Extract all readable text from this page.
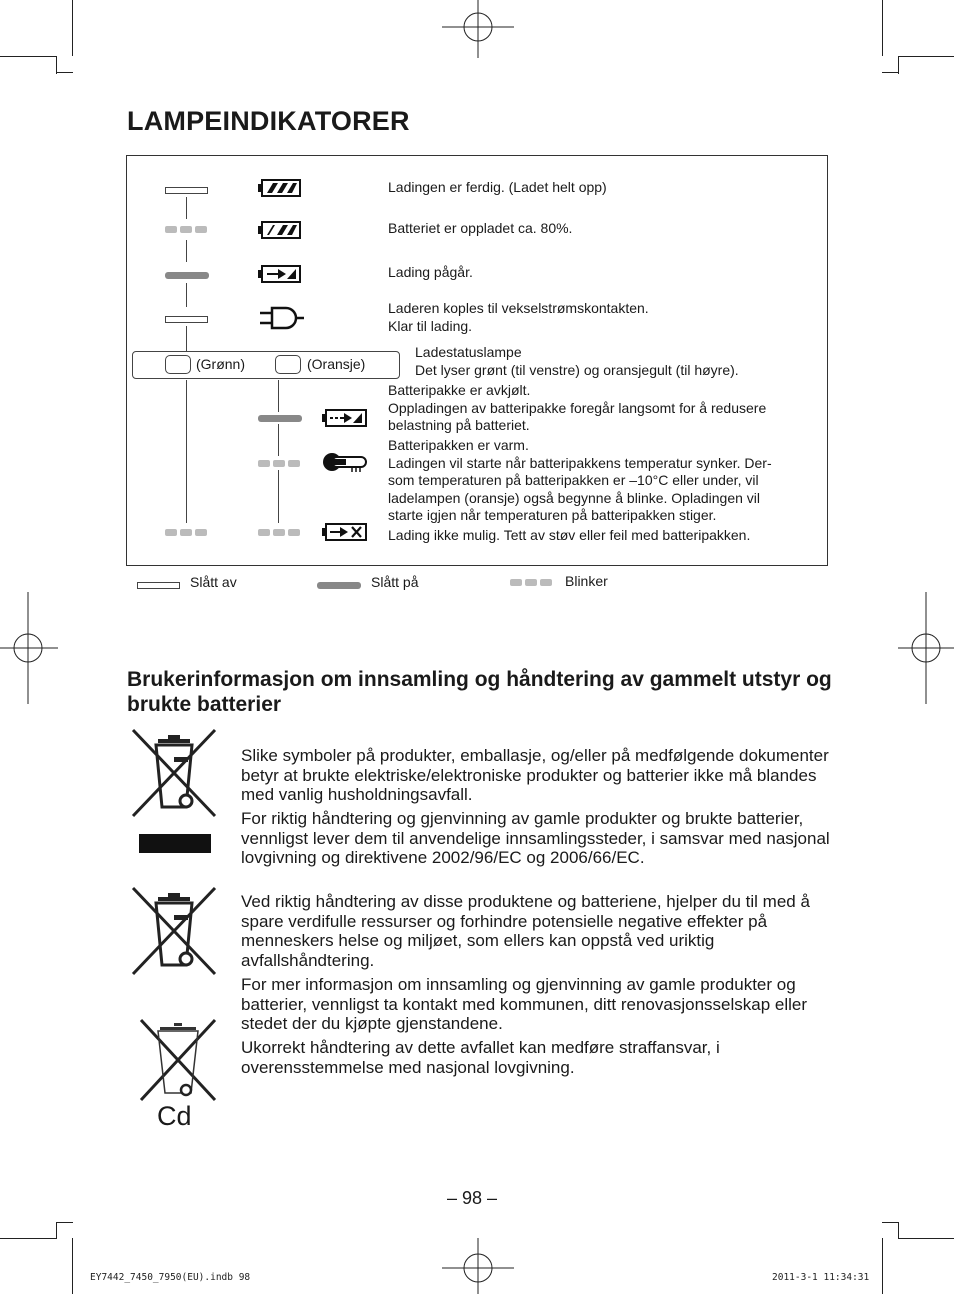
LAMPEINDIKATORER
Ladingen er ferdig. (Ladet helt opp)
Batteriet er oppladet ca. 80%.
Lading pågår.
Laderen koples til vekselstrømskontakten.
Klar til lading.
(Grønn)	(Oransje)
Ladestatuslampe
Det lyser grønt (til venstre) og oransjegult (til høyre).
Batteripakke er avkjølt.
Oppladingen av batteripakke foregår langsomt for å redusere
belastning på batteriet.
Batteripakken er varm.
Ladingen vil starte når batteripakkens temperatur synker. Der-
som temperaturen på batteripakken er –10°C eller under, vil
ladelampen (oransje) også begynne å blinke. Opladingen vil
starte igjen når temperaturen på batteripakken stiger.
Lading ikke mulig. Tett av støv eller feil med batteripakken.
Slått av	Slått på	Blinker
Brukerinformasjon om innsamling og håndtering av gammelt utstyr og brukte batterier
Cd

Slike symboler på produkter, emballasje, og/eller på medfølgende dokumenter betyr at brukte elektriske/elektroniske produkter og batterier ikke må blandes med vanlig husholdningsavfall.

For riktig håndtering og gjenvinning av gamle produkter og brukte batterier, vennligst lever dem til anvendelige innsamlingssteder, i samsvar med nasjonal lovgivning og direktivene 2002/96/EC og 2006/66/EC.

Ved riktig håndtering av disse produktene og batteriene, hjelper du til med å spare verdifulle ressurser og forhindre potensielle negative effekter på menneskers helse og miljøet, som ellers kan oppstå ved uriktig avfallshåndtering.

For mer informasjon om innsamling og gjenvinning av gamle produkter og batterier, vennligst ta kontakt med kommunen, ditt renovasjonsselskap eller stedet der du kjøpte gjenstandene.

Ukorrekt håndtering av dette avfallet kan medføre straffansvar, i overensstemmelse med nasjonal lovgivning.

– 98 –
EY7442_7450_7950(EU).indb 98	2011-3-1 11:34:31
